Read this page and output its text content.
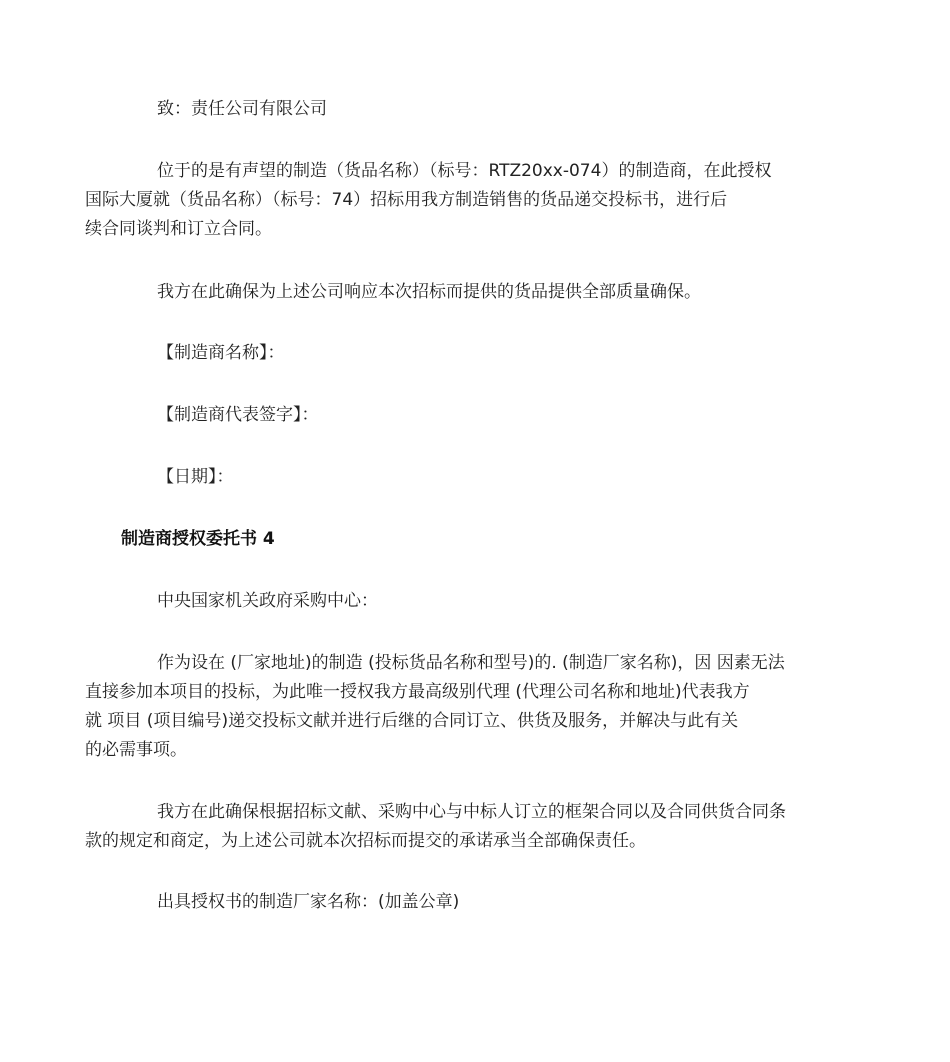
致：责任公司有限公司

位于的是有声望的制造（货品名称）（标号：RTZ20xx-074）的制造商，在此授权
国际大厦就（货品名称）（标号：74）招标用我方制造销售的货品递交投标书，进行后
续合同谈判和订立合同。

我方在此确保为上述公司响应本次招标而提供的货品提供全部质量确保。

【制造商名称】：

【制造商代表签字】：

【日期】：

制造商授权委托书 4

中央国家机关政府采购中心：

作为设在 (厂家地址)的制造 (投标货品名称和型号)的. (制造厂家名称)，因 因素无法
直接参加本项目的投标，为此唯一授权我方最高级别代理 (代理公司名称和地址)代表我方
就 项目 (项目编号)递交投标文献并进行后继的合同订立、供货及服务，并解决与此有关
的必需事项。
我方在此确保根据招标文献、采购中心与中标人订立的框架合同以及合同供货合同条
款的规定和商定，为上述公司就本次招标而提交的承诺承当全部确保责任。

出具授权书的制造厂家名称：(加盖公章)
